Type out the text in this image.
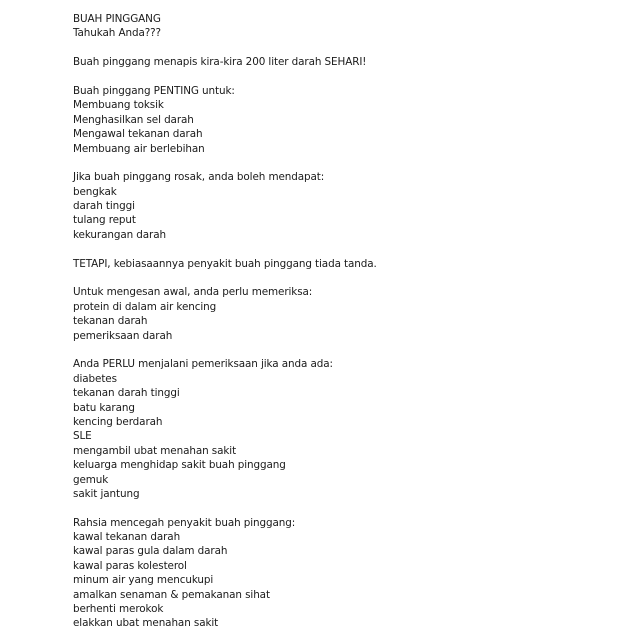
BUAH PINGGANG
Tahukah Anda???
Buah pinggang menapis kira-kira 200 liter darah SEHARI!
Buah pinggang PENTING untuk:
Membuang toksik
Menghasilkan sel darah
Mengawal tekanan darah
Membuang air berlebihan
Jika buah pinggang rosak, anda boleh mendapat:
bengkak
darah tinggi
tulang reput
kekurangan darah
TETAPI, kebiasaannya penyakit buah pinggang tiada tanda.
Untuk mengesan awal, anda perlu memeriksa:
protein di dalam air kencing
tekanan darah
pemeriksaan darah
Anda PERLU menjalani pemeriksaan jika anda ada:
diabetes
tekanan darah tinggi
batu karang
kencing berdarah
SLE
mengambil ubat menahan sakit
keluarga menghidap sakit buah pinggang
gemuk
sakit jantung
Rahsia mencegah penyakit buah pinggang:
kawal tekanan darah
kawal paras gula dalam darah
kawal paras kolesterol
minum air yang mencukupi
amalkan senaman & pemakanan sihat
berhenti merokok
elakkan ubat menahan sakit
